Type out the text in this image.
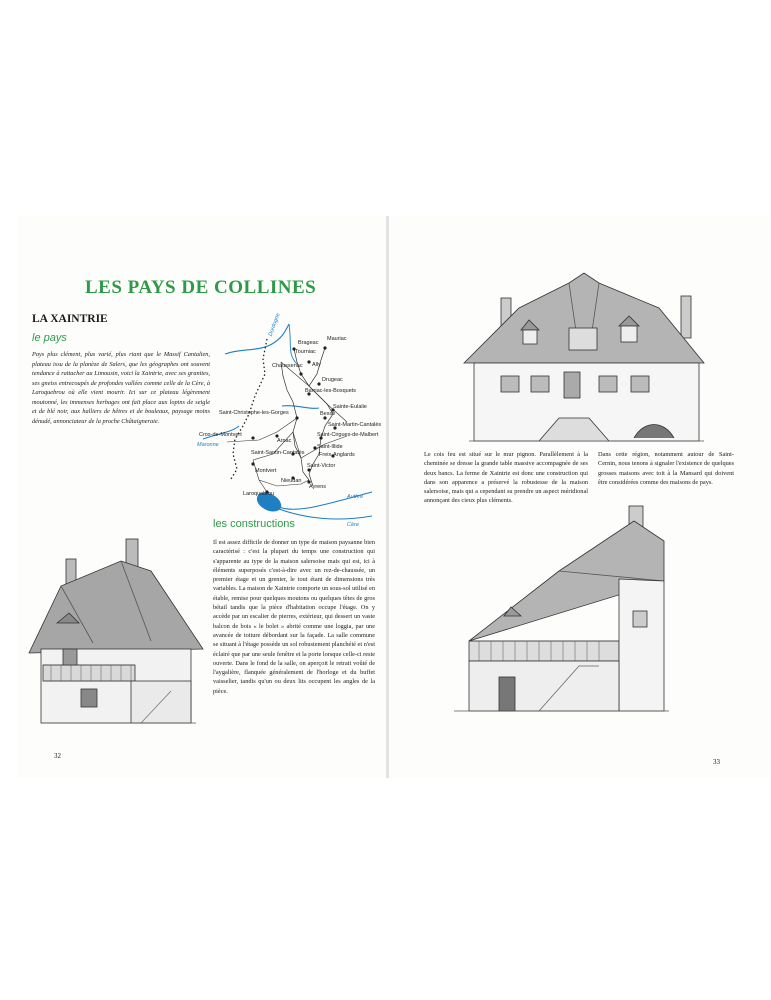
LES PAYS DE COLLINES
LA XAINTRIE
le pays
Pays plus clément, plus varié, plus riant que le Massif Cantalien, plateau issu de la planèze de Salers, que les géographes ont souvent tendance à rattacher au Limousin, voici la Xaintrie, avec ses granites, ses gneiss entrecoupés de profondes vallées comme celle de la Cère, à Laroquebrou où elle vient mourir. Ici sur ce plateau légèrement moutonné, les immenses herbages ont fait place aux lopins de seigle et de blé noir, aux halliers de hêtres et de bouleaux, paysage moins dénudé, annonciateur de la proche Châtaigneraie.
Mauriac
Brageac
Tourniac
Chaussenac Ally
Drugeac
Barriac-les-Bosquets
Sainte-Eulalie
Saint-Christophe-les-Gorges	Besse
Saint-Martin-Cantalès
Cros-de-Montvert
Arnac
Saint-Cirgues-de-Malbert
Saint-Illide
Saint-Santin-Cantalès	Freix-Anglards
Montvert
Saint-Victor
Nieudan
Ayrens
Laroquebrou
Dordogne
Maronne
Authre
Cère
les constructions
Il est assez difficile de donner un type de maison paysanne bien caractérisé : c'est la plupart du temps une construction qui s'apparente au type de la maison salersoise mais qui est, ici à éléments superposés c'est-à-dire avec un rez-de-chaussée, un premier étage et un grenier, le tout étant de dimensions très variables. La maison de Xaintrie comporte un sous-sol utilisé en étable, remise pour quelques moutons ou quelques têtes de gros bétail tandis que la pièce d'habitation occupe l'étage. On y accède par un escalier de pierres, extérieur, qui dessert un vaste balcon de bois « le bolet » abrité comme une loggia, par une avancée de toiture débordant sur la façade. La salle commune se situant à l'étage possède un sol robustement planchéié et n'est éclairé que par une seule fenêtre et la porte lorsque celle-ci reste ouverte. Dans le fond de la salle, on aperçoit le retrait voûté de l'aygalière, flanquée généralement de l'horloge et du buffet vaisselier, tandis qu'un ou deux lits occupent les angles de la pièce.
32
Le cois feu est situé sur le mur pignon. Parallèlement à la cheminée se dresse la grande table massive accompagnée de ses deux bancs. La ferme de Xaintrie est donc une construction qui dans son apparence a préservé la robustesse de la maison salersoise, mais qui a cependant su prendre un aspect méridional annonçant des cieux plus cléments.
Dans cette région, notamment autour de Saint-Cernin, nous tenons à signaler l'existence de quelques grosses maisons avec toit à la Mansard qui doivent être considérées comme des maisons de pays.
33
